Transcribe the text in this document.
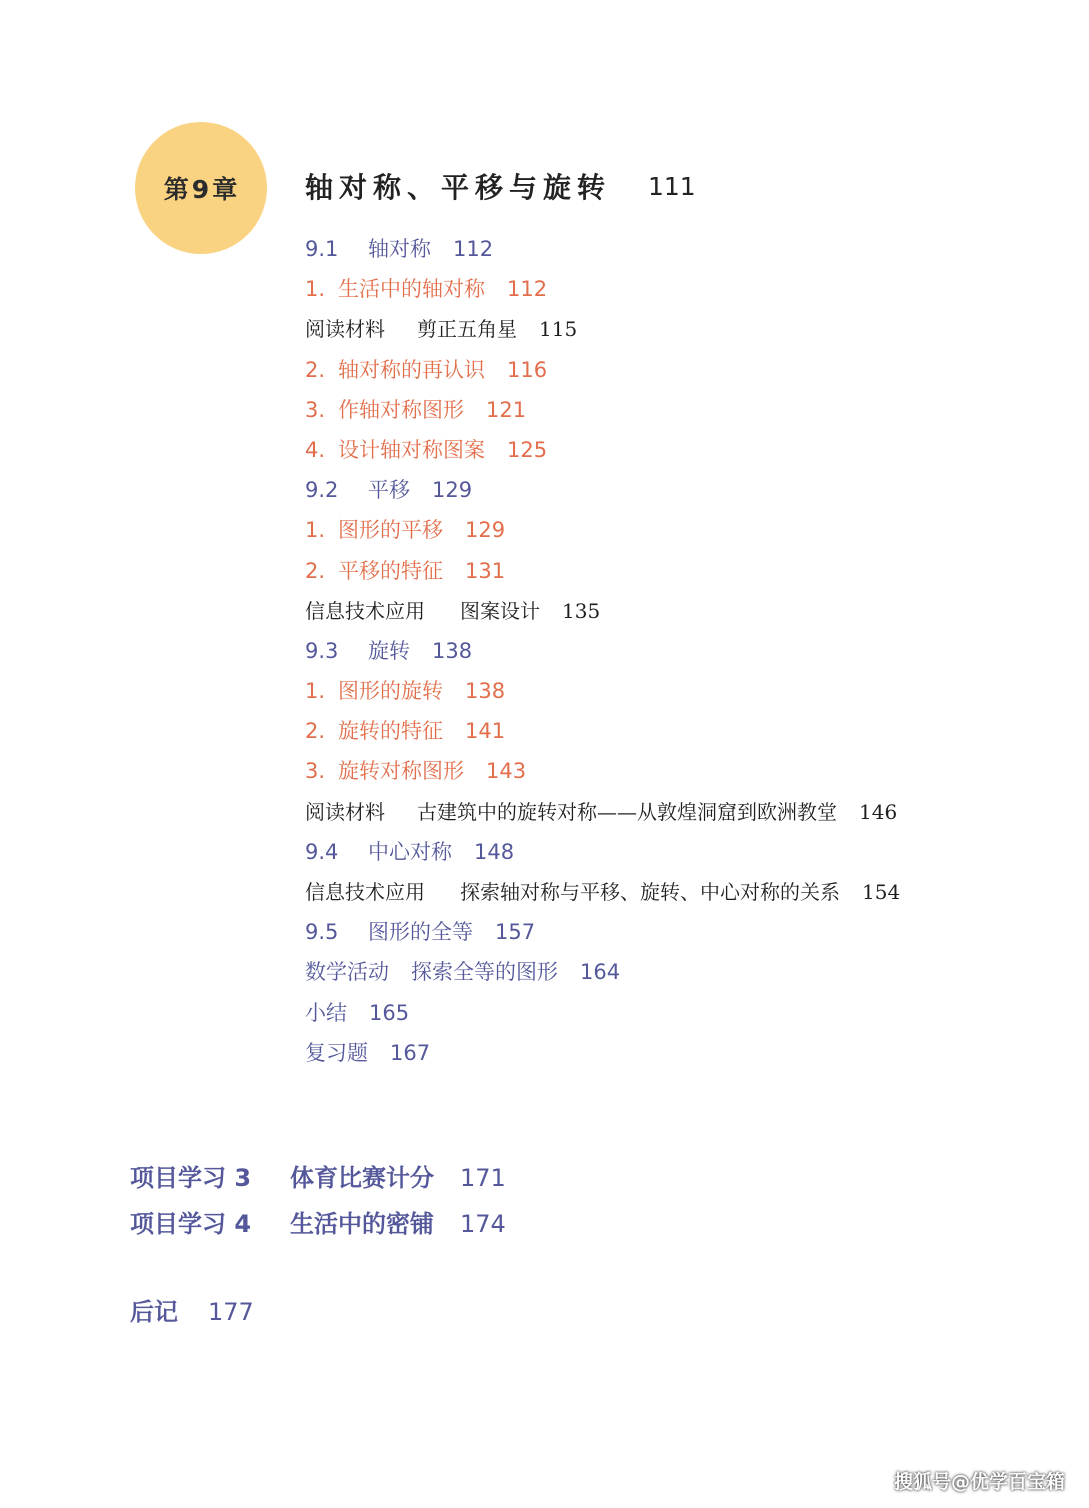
第9章 轴对称、平移与旋转 111
9.1 轴对称 112
1. 生活中的轴对称 112
阅读材料 剪正五角星 115
2. 轴对称的再认识 116
3. 作轴对称图形 121
4. 设计轴对称图案 125
9.2 平移 129
1. 图形的平移 129
2. 平移的特征 131
信息技术应用 图案设计 135
9.3 旋转 138
1. 图形的旋转 138
2. 旋转的特征 141
3. 旋转对称图形 143
阅读材料 古建筑中的旋转对称——从敦煌洞窟到欧洲教堂 146
9.4 中心对称 148
信息技术应用 探索轴对称与平移、旋转、中心对称的关系 154
9.5 图形的全等 157
数学活动 探索全等的图形 164
小结 165
复习题 167
项目学习 3 体育比赛计分 171
项目学习 4 生活中的密铺 174
后记 177
搜狐号@优学百宝箱
